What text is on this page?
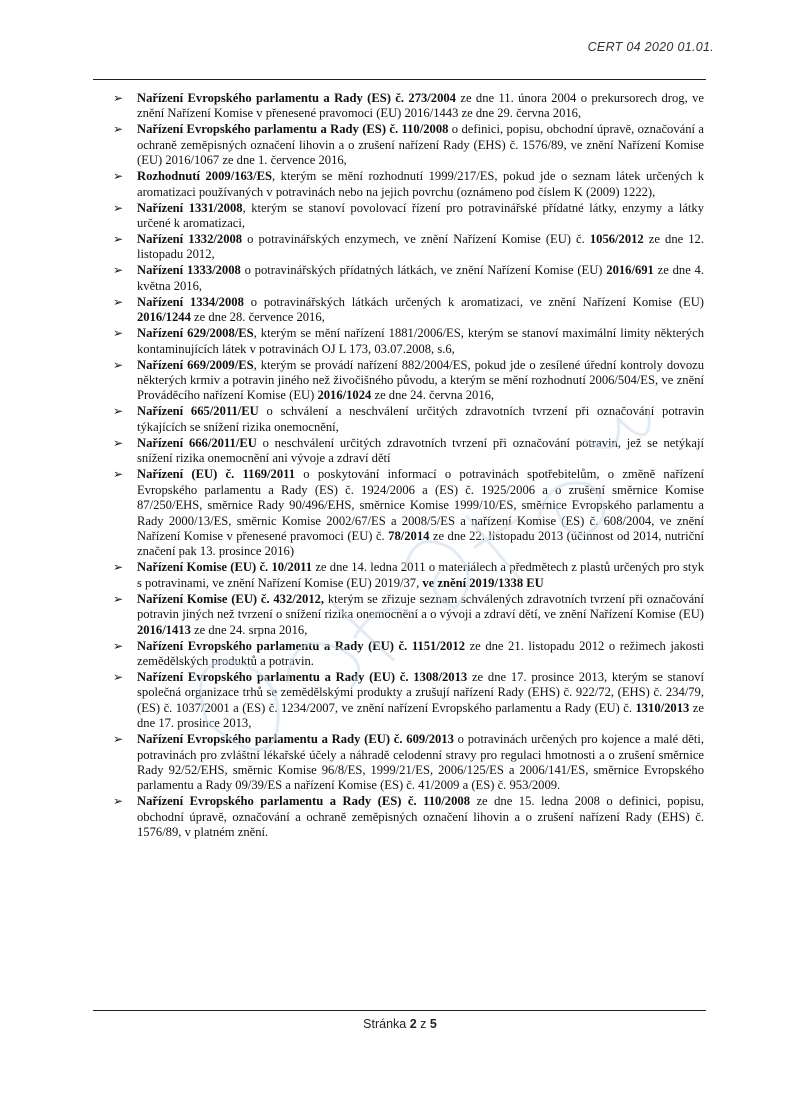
CERT 04 2020 01.01.
➢ Nařízení Evropského parlamentu a Rady (ES) č. 273/2004 ze dne 11. února 2004 o prekursorech drog, ve znění Nařízení Komise v přenesené pravomoci (EU) 2016/1443 ze dne 29. června 2016,
➢ Nařízení Evropského parlamentu a Rady (ES) č. 110/2008 o definici, popisu, obchodní úpravě, označování a ochraně zeměpisných označení lihovin a o zrušení nařízení Rady (EHS) č. 1576/89, ve znění Nařízení Komise (EU) 2016/1067 ze dne 1. července 2016,
➢ Rozhodnutí 2009/163/ES, kterým se mění rozhodnutí 1999/217/ES, pokud jde o seznam látek určených k aromatizaci používaných v potravinách nebo na jejich povrchu (oznámeno pod číslem K (2009) 1222),
➢ Nařízení 1331/2008, kterým se stanoví povolovací řízení pro potravinářské přídatné látky, enzymy a látky určené k aromatizaci,
➢ Nařízení 1332/2008 o potravinářských enzymech, ve znění Nařízení Komise (EU) č. 1056/2012 ze dne 12. listopadu 2012,
➢ Nařízení 1333/2008 o potravinářských přídatných látkách, ve znění Nařízení Komise (EU) 2016/691 ze dne 4. května 2016,
➢ Nařízení 1334/2008 o potravinářských látkách určených k aromatizaci, ve znění Nařízení Komise (EU) 2016/1244 ze dne 28. července 2016,
➢ Nařízení 629/2008/ES, kterým se mění nařízení 1881/2006/ES, kterým se stanoví maximální limity některých kontaminujících látek v potravinách OJ L 173, 03.07.2008, s.6,
➢ Nařízení 669/2009/ES, kterým se provádí nařízení 882/2004/ES, pokud jde o zesílené úřední kontroly dovozu některých krmiv a potravin jiného než živočišného původu, a kterým se mění rozhodnutí 2006/504/ES, ve znění Prováděcího nařízení Komise (EU) 2016/1024 ze dne 24. června 2016,
➢ Nařízení 665/2011/EU o schválení a neschválení určitých zdravotních tvrzení při označování potravin týkajících se snížení rizika onemocnění,
➢ Nařízení 666/2011/EU o neschválení určitých zdravotních tvrzení při označování potravin, jež se netýkají snížení rizika onemocnění ani vývoje a zdraví dětí
➢ Nařízení (EU) č. 1169/2011 o poskytování informací o potravinách spotřebitelům, o změně nařízení Evropského parlamentu a Rady (ES) č. 1924/2006 a (ES) č. 1925/2006 a o zrušení směrnice Komise 87/250/EHS, směrnice Rady 90/496/EHS, směrnice Komise 1999/10/ES, směrnice Evropského parlamentu a Rady 2000/13/ES, směrnic Komise 2002/67/ES a 2008/5/ES a nařízení Komise (ES) č. 608/2004, ve znění Nařízení Komise v přenesené pravomoci (EU) č. 78/2014 ze dne 22. listopadu 2013 (účinnost od 2014, nutriční značení pak 13. prosince 2016)
➢ Nařízení Komise (EU) č. 10/2011 ze dne 14. ledna 2011 o materiálech a předmětech z plastů určených pro styk s potravinami, ve znění Nařízení Komise (EU) 2019/37, ve znění 2019/1338 EU
➢ Nařízení Komise (EU) č. 432/2012, kterým se zřizuje seznam schválených zdravotních tvrzení při označování potravin jiných než tvrzení o snížení rizika onemocnění a o vývoji a zdraví dětí, ve znění Nařízení Komise (EU) 2016/1413 ze dne 24. srpna 2016,
➢ Nařízení Evropského parlamentu a Rady (EU) č. 1151/2012 ze dne 21. listopadu 2012 o režimech jakosti zemědělských produktů a potravin.
➢ Nařízení Evropského parlamentu a Rady (EU) č. 1308/2013 ze dne 17. prosince 2013, kterým se stanoví společná organizace trhů se zemědělskými produkty a zrušují nařízení Rady (EHS) č. 922/72, (EHS) č. 234/79, (ES) č. 1037/2001 a (ES) č. 1234/2007, ve znění nařízení Evropského parlamentu a Rady (EU) č. 1310/2013 ze dne 17. prosince 2013,
➢ Nařízení Evropského parlamentu a Rady (EU) č. 609/2013 o potravinách určených pro kojence a malé děti, potravinách pro zvláštní lékařské účely a náhradě celodenní stravy pro regulaci hmotnosti a o zrušení směrnice Rady 92/52/EHS, směrnic Komise 96/8/ES, 1999/21/ES, 2006/125/ES a 2006/141/ES, směrnice Evropského parlamentu a Rady 09/39/ES a nařízení Komise (ES) č. 41/2009 a (ES) č. 953/2009.
➢ Nařízení Evropského parlamentu a Rady (ES) č. 110/2008 ze dne 15. ledna 2008 o definici, popisu, obchodní úpravě, označování a ochraně zeměpisných označení lihovin a o zrušení nařízení Rady (EHS) č. 1576/89, v platném znění.
Stránka 2 z 5
